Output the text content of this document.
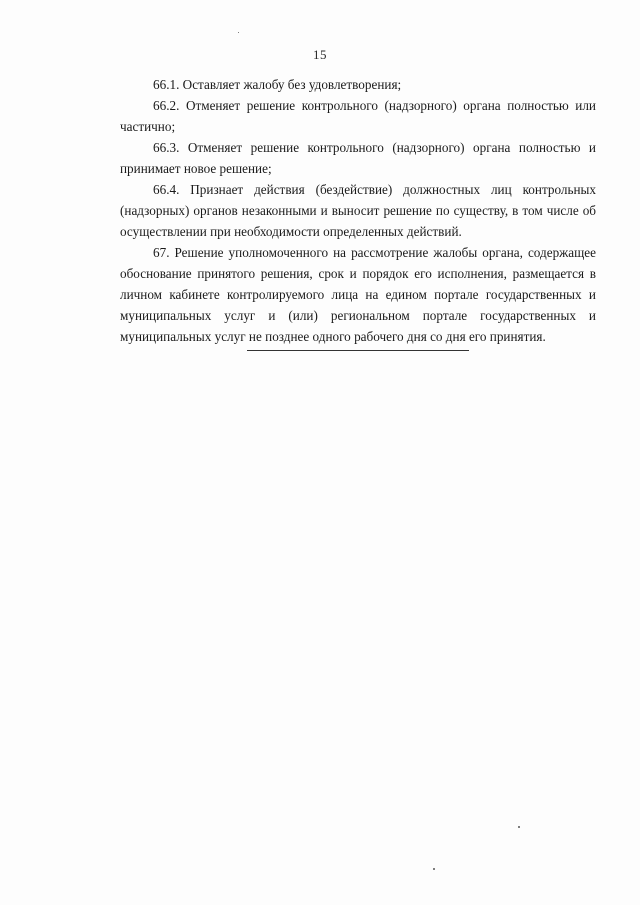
15

66.1. Оставляет жалобу без удовлетворения;

66.2. Отменяет решение контрольного (надзорного) органа полностью или частично;

66.3. Отменяет решение контрольного (надзорного) органа полностью и принимает новое решение;

66.4. Признает действия (бездействие) должностных лиц контрольных (надзорных) органов незаконными и выносит решение по существу, в том числе об осуществлении при необходимости определенных действий.

67. Решение уполномоченного на рассмотрение жалобы органа, содержащее обоснование принятого решения, срок и порядок его исполнения, размещается в личном кабинете контролируемого лица на едином портале государственных и муниципальных услуг и (или) региональном портале государственных и муниципальных услуг не позднее одного рабочего дня со дня его принятия.
